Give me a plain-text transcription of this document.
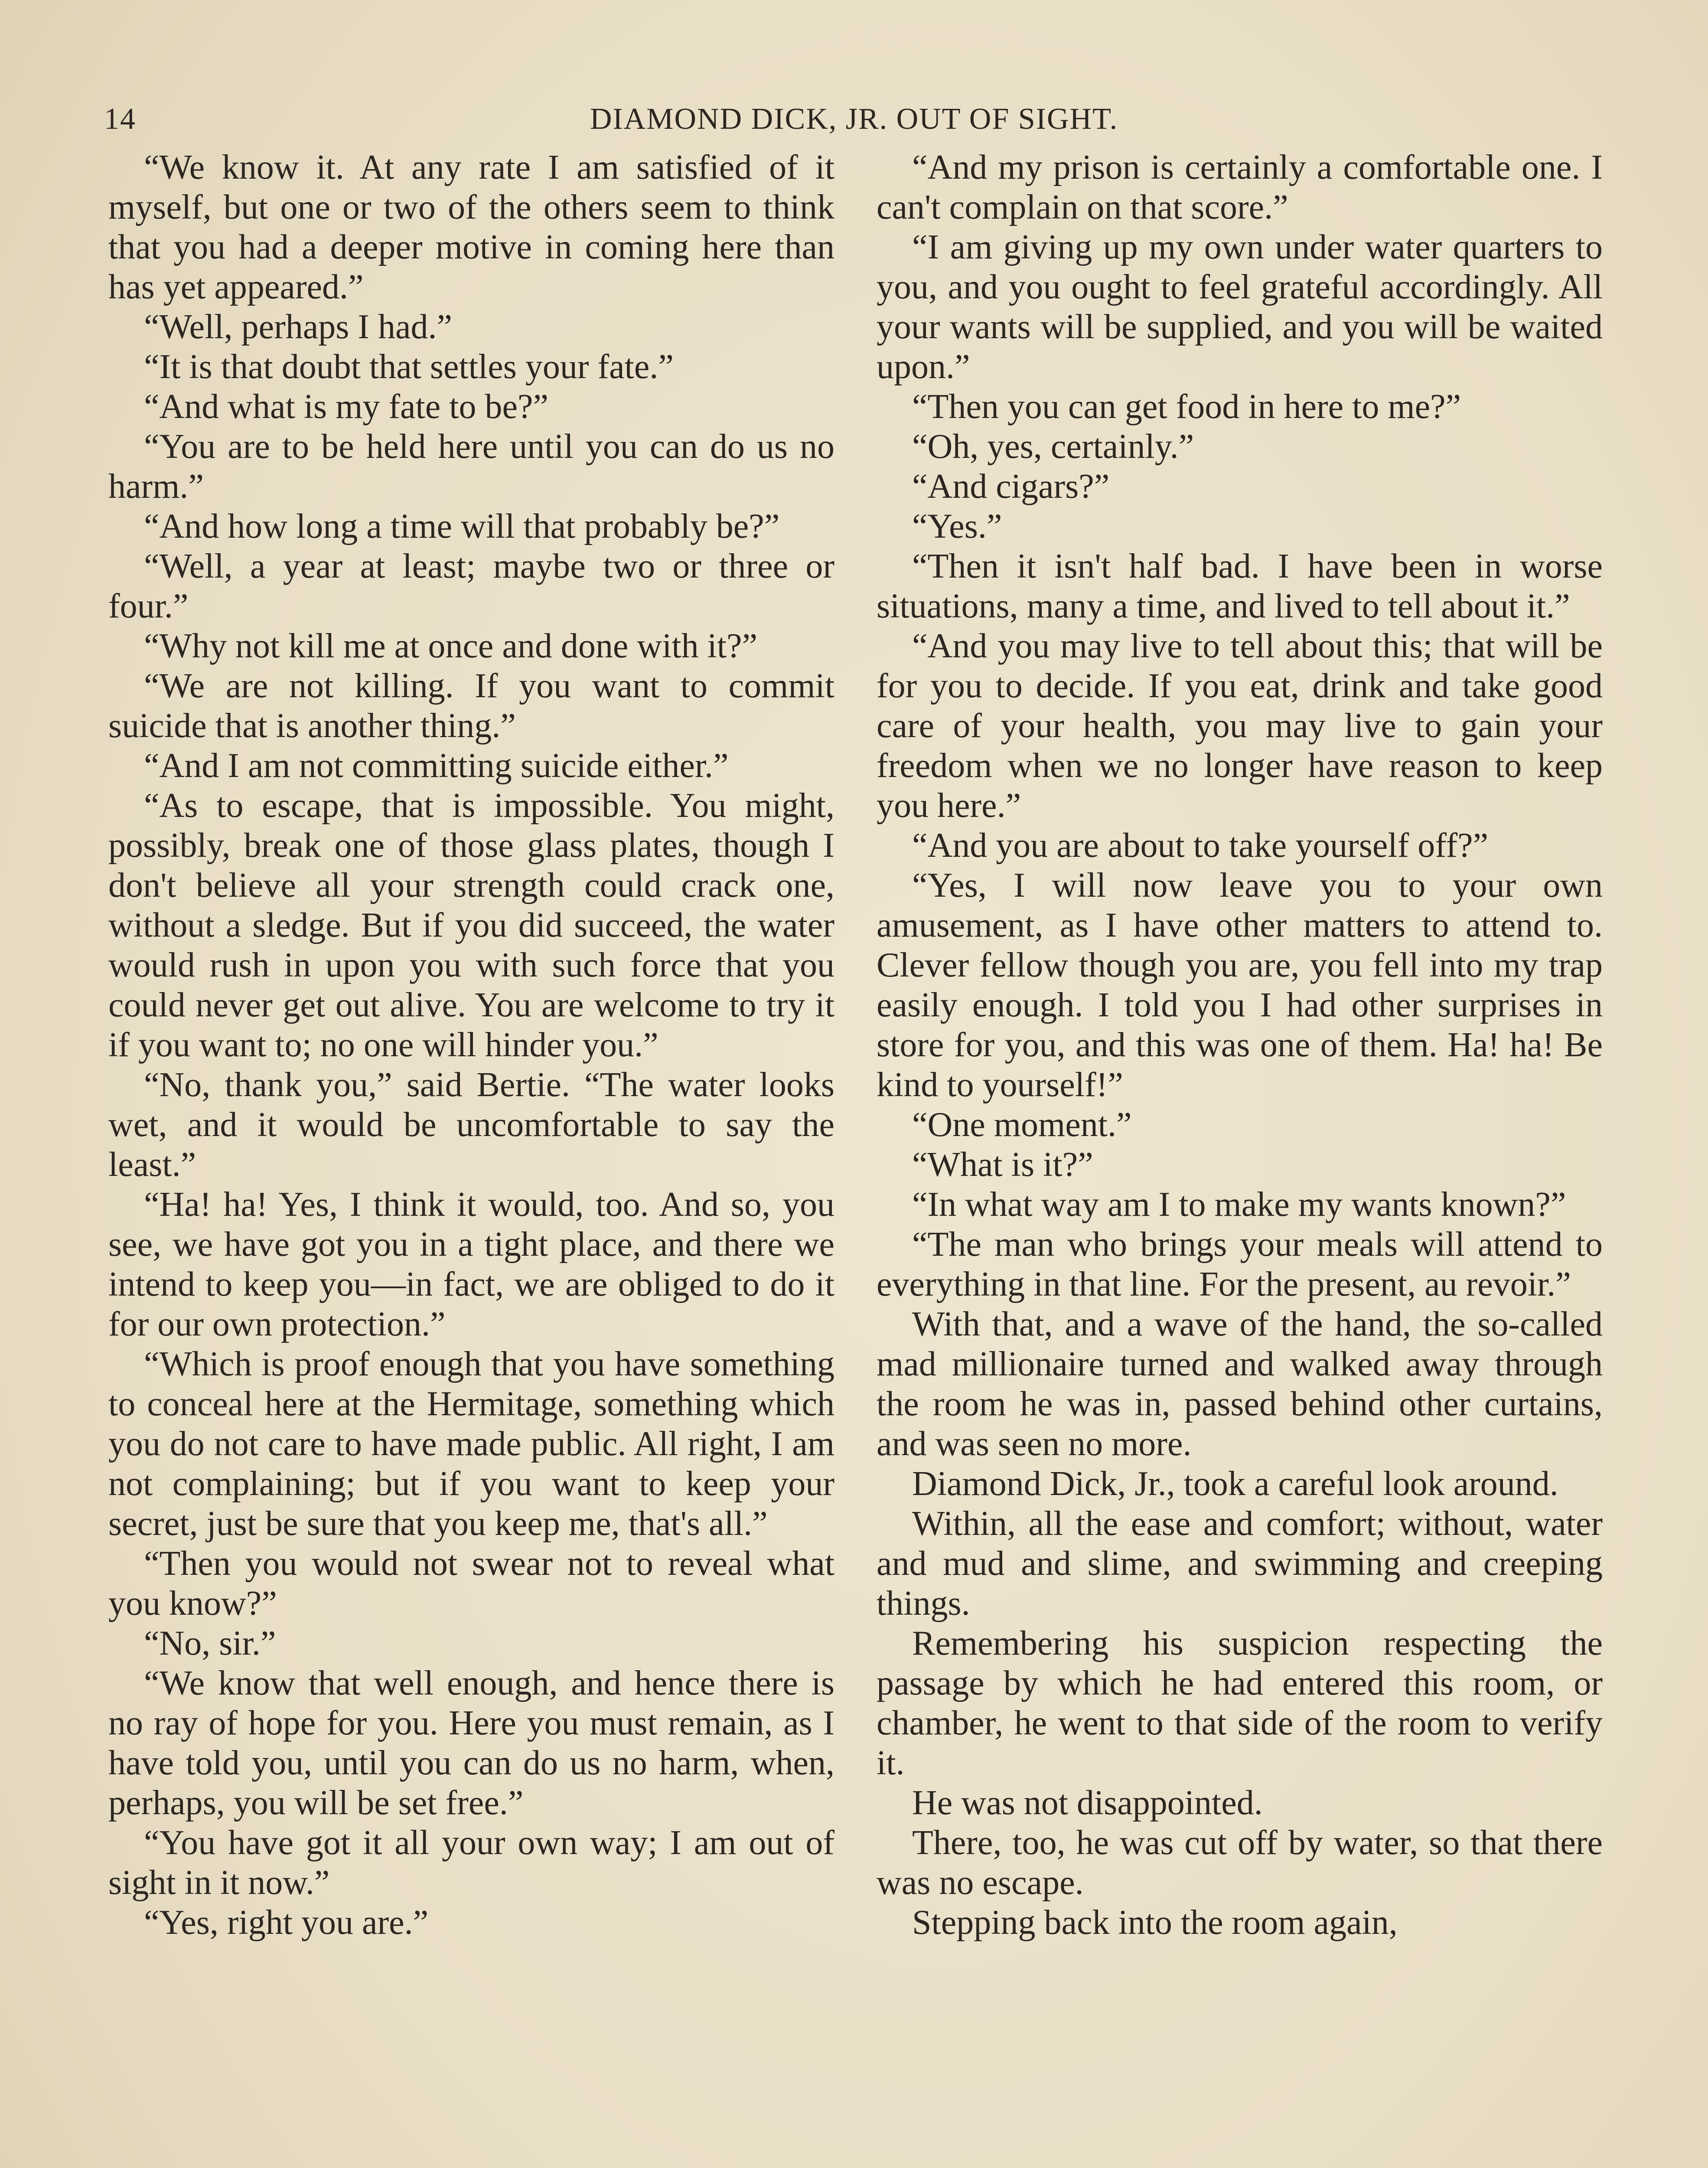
14	DIAMOND DICK, JR. OUT OF SIGHT.

“We know it. At any rate I am satisfied of it myself, but one or two of the others seem to think that you had a deeper motive in coming here than has yet appeared.”

“Well, perhaps I had.”

“It is that doubt that settles your fate.”

“And what is my fate to be?”

“You are to be held here until you can do us no harm.”

“And how long a time will that probably be?”

“Well, a year at least; maybe two or three or four.”

“Why not kill me at once and done with it?”

“We are not killing. If you want to commit suicide that is another thing.”

“And I am not committing suicide either.”

“As to escape, that is impossible. You might, possibly, break one of those glass plates, though I don't believe all your strength could crack one, without a sledge. But if you did succeed, the water would rush in upon you with such force that you could never get out alive. You are welcome to try it if you want to; no one will hinder you.”

“No, thank you,” said Bertie. “The water looks wet, and it would be uncomfortable to say the least.”

“Ha! ha! Yes, I think it would, too. And so, you see, we have got you in a tight place, and there we intend to keep you—in fact, we are obliged to do it for our own protection.”

“Which is proof enough that you have something to conceal here at the Hermitage, something which you do not care to have made public. All right, I am not complaining; but if you want to keep your secret, just be sure that you keep me, that's all.”

“Then you would not swear not to reveal what you know?”

“No, sir.”

“We know that well enough, and hence there is no ray of hope for you. Here you must remain, as I have told you, until you can do us no harm, when, perhaps, you will be set free.”

“You have got it all your own way; I am out of sight in it now.”

“Yes, right you are.”

“And my prison is certainly a comfortable one. I can't complain on that score.”

“I am giving up my own under water quarters to you, and you ought to feel grateful accordingly. All your wants will be supplied, and you will be waited upon.”

“Then you can get food in here to me?”

“Oh, yes, certainly.”

“And cigars?”

“Yes.”

“Then it isn't half bad. I have been in worse situations, many a time, and lived to tell about it.”

“And you may live to tell about this; that will be for you to decide. If you eat, drink and take good care of your health, you may live to gain your freedom when we no longer have reason to keep you here.”

“And you are about to take yourself off?”

“Yes, I will now leave you to your own amusement, as I have other matters to attend to. Clever fellow though you are, you fell into my trap easily enough. I told you I had other surprises in store for you, and this was one of them. Ha! ha! Be kind to yourself!”

“One moment.”

“What is it?”

“In what way am I to make my wants known?”

“The man who brings your meals will attend to everything in that line. For the present, au revoir.”

With that, and a wave of the hand, the so-called mad millionaire turned and walked away through the room he was in, passed behind other curtains, and was seen no more.

Diamond Dick, Jr., took a careful look around.

Within, all the ease and comfort; without, water and mud and slime, and swimming and creeping things.

Remembering his suspicion respecting the passage by which he had entered this room, or chamber, he went to that side of the room to verify it.

He was not disappointed.

There, too, he was cut off by water, so that there was no escape.

Stepping back into the room again,
